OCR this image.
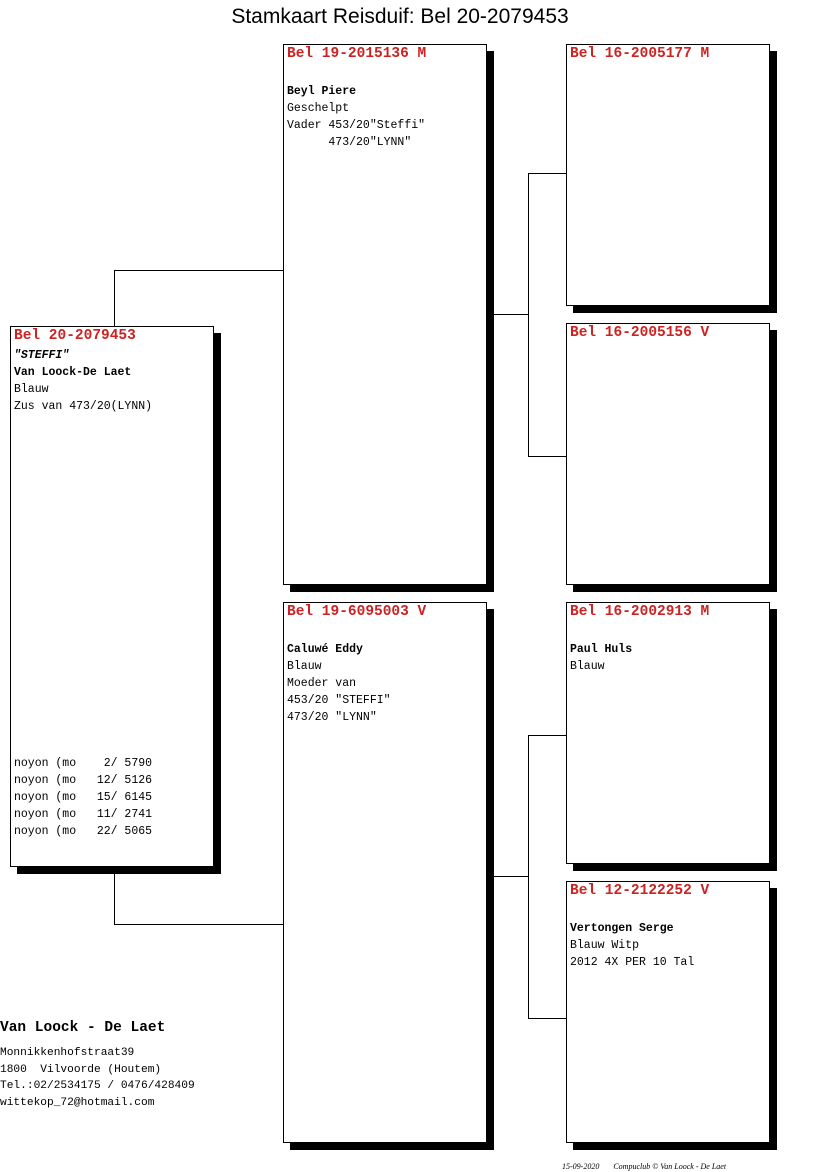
Stamkaart Reisduif: Bel 20-2079453
Bel 20-2079453
"STEFFI"
Van Loock-De Laet
Blauw
Zus van 473/20(LYNN)
noyon (mo    2/ 5790
noyon (mo   12/ 5126
noyon (mo   15/ 6145
noyon (mo   11/ 2741
noyon (mo   22/ 5065
Bel 19-2015136 M
Beyl Piere
Geschelpt
Vader 453/20"Steffi"
473/20"LYNN"
Bel 19-6095003 V
Caluwé Eddy
Blauw
Moeder van
453/20 "STEFFI"
473/20 "LYNN"
Bel 16-2005177 M
Bel 16-2005156 V
Bel 16-2002913 M
Paul Huls
Blauw
Bel 12-2122252 V
Vertongen Serge
Blauw Witp
2012 4X PER 10 Tal
Van Loock - De Laet
Monnikkenhofstraat39
1800  Vilvoorde (Houtem)
Tel.:02/2534175 / 0476/428409
wittekop_72@hotmail.com

15-09-2020 Compuclub © Van Loock - De Laet
